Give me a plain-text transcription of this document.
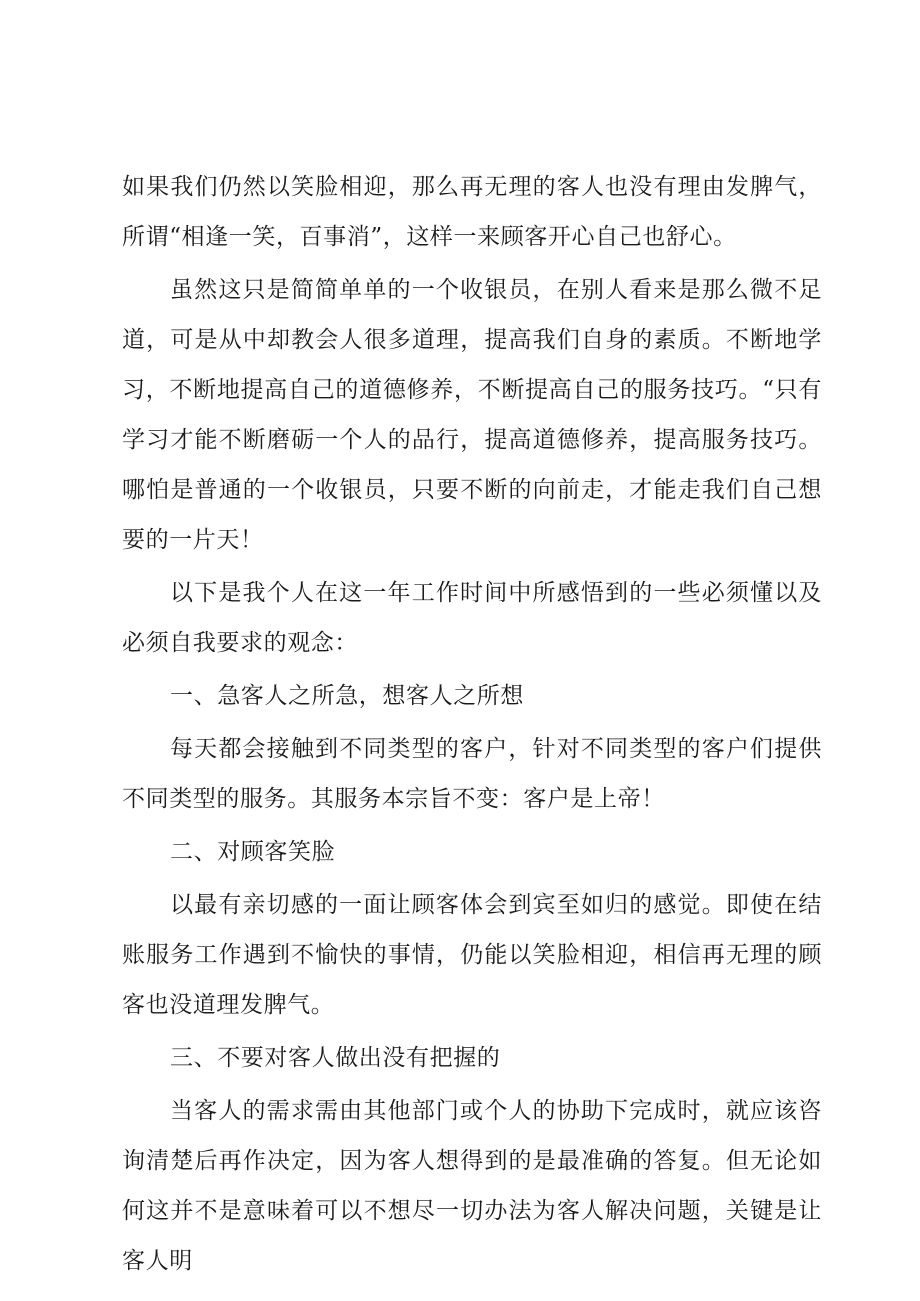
如果我们仍然以笑脸相迎，那么再无理的客人也没有理由发脾气，所谓“相逢一笑，百事消”，这样一来顾客开心自己也舒心。

虽然这只是简简单单的一个收银员，在别人看来是那么微不足道，可是从中却教会人很多道理，提高我们自身的素质。不断地学习，不断地提高自己的道德修养，不断提高自己的服务技巧。“只有学习才能不断磨砺一个人的品行，提高道德修养，提高服务技巧。哪怕是普通的一个收银员，只要不断的向前走，才能走我们自己想要的一片天！

以下是我个人在这一年工作时间中所感悟到的一些必须懂以及必须自我要求的观念：

一、急客人之所急，想客人之所想

每天都会接触到不同类型的客户，针对不同类型的客户们提供不同类型的服务。其服务本宗旨不变：客户是上帝！

二、对顾客笑脸

以最有亲切感的一面让顾客体会到宾至如归的感觉。即使在结账服务工作遇到不愉快的事情，仍能以笑脸相迎，相信再无理的顾客也没道理发脾气。

三、不要对客人做出没有把握的

当客人的需求需由其他部门或个人的协助下完成时，就应该咨询清楚后再作决定，因为客人想得到的是最准确的答复。但无论如何这并不是意味着可以不想尽一切办法为客人解决问题，关键是让客人明
